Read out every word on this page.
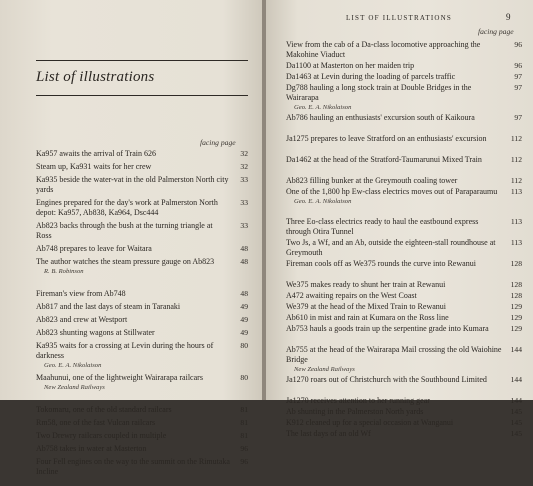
List of illustrations
facing page
Ka957 awaits the arrival of Train 626	32
Steam up, Ka931 waits for her crew	32
Ka935 beside the water-vat in the old Palmerston North city yards
33
Engines prepared for the day's work at Palmerston North depot: Ka957, Ab838, Ka964, Dsc444
33
Ab823 backs through the bush at the turning triangle at Ross
33
Ab748 prepares to leave for Waitara	48
The author watches the steam pressure gauge on Ab823	48
R. B. Robinson
Fireman's view from Ab748	48
Ab817 and the last days of steam in Taranaki	49
Ab823 and crew at Westport	49
Ab823 shunting wagons at Stillwater	49
Ka935 waits for a crossing at Levin during the hours of darkness
80
Geo. E. A. Nikolaison
Maahunui, one of the lightweight Wairarapa railcars	80
New Zealand Railways
Tokomaru, one of the old standard railcars	81
Rm58, one of the fast Vulcan railcars	81
Two Drewry railcars coupled in multiple	81
Ab758 takes in water at Masterton	96
Four Fell engines on the way to the summit on the Rimutaka Incline
96
New Zealand Railways
LIST OF ILLUSTRATIONS	9
facing page
View from the cab of a Da-class locomotive approaching the Makohine Viaduct
96
Da1100 at Masterton on her maiden trip	96
Da1463 at Levin during the loading of parcels traffic	97
Dg788 hauling a long stock train at Double Bridges in the Wairarapa
97
Geo. E. A. Nikolaison
Ab786 hauling an enthusiasts' excursion south of Kaikoura	97
Ja1275 prepares to leave Stratford on an enthusiasts' excursion	112
Da1462 at the head of the Stratford-Taumarunui Mixed Train	112
Ab823 filling bunker at the Greymouth coaling tower	112
One of the 1,800 hp Ew-class electrics moves out of Paraparaumu	113
Geo. E. A. Nikolaison
Three Eo-class electrics ready to haul the eastbound express through Otira Tunnel
113
Two Js, a Wf, and an Ab, outside the eighteen-stall roundhouse at Greymouth
113
Fireman cools off as We375 rounds the curve into Rewanui	128
We375 makes ready to shunt her train at Rewanui	128
A472 awaiting repairs on the West Coast	128
We379 at the head of the Mixed Train to Rewanui	129
Ab610 in mist and rain at Kumara on the Ross line	129
Ab753 hauls a goods train up the serpentine grade into Kumara	129
Ab755 at the head of the Wairarapa Mail crossing the old Waiohine Bridge
144
New Zealand Railways
Ja1270 roars out of Christchurch with the Southbound Limited	144
Ja1270 receives attention to her running gear	144
Ab shunting in the Palmerston North yards	145
K912 cleaned up for a special occasion at Wanganui	145
The last days of an old Wf	145
